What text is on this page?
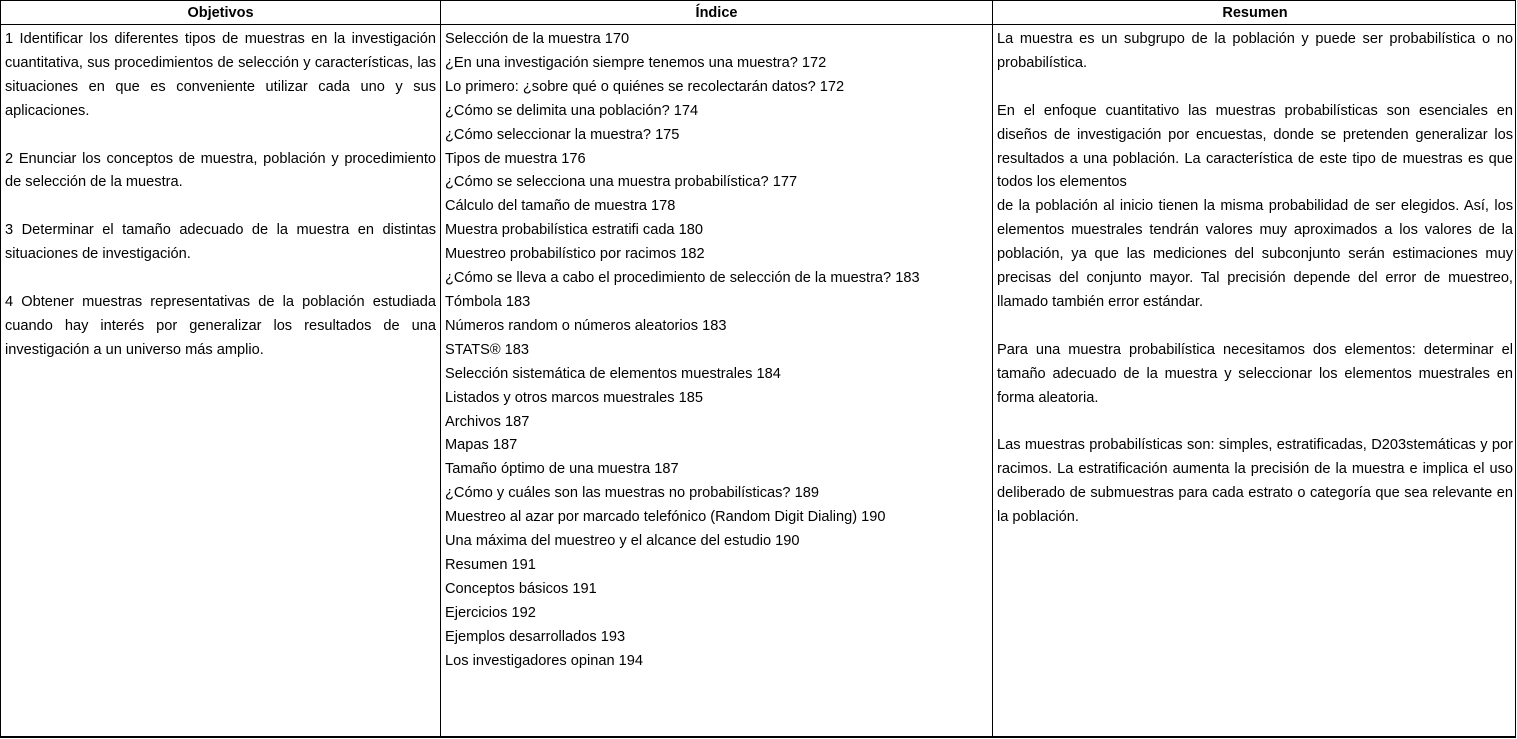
Objetivos	Índice	Resumen

1 Identificar los diferentes tipos de muestras en la investigación cuantitativa, sus procedimientos de selección y características, las situaciones en que es conveniente utilizar cada uno y sus aplicaciones.

2 Enunciar los conceptos de muestra, población y procedimiento de selección de la muestra.

3 Determinar el tamaño adecuado de la muestra en distintas situaciones de investigación.

4 Obtener muestras representativas de la población estudiada cuando hay interés por generalizar los resultados de una investigación a un universo más amplio.

Selección de la muestra 170
¿En una investigación siempre tenemos una muestra? 172
Lo primero: ¿sobre qué o quiénes se recolectarán datos? 172
¿Cómo se delimita una población? 174
¿Cómo seleccionar la muestra? 175
Tipos de muestra 176
¿Cómo se selecciona una muestra probabilística? 177
Cálculo del tamaño de muestra 178
Muestra probabilística estratifi cada 180
Muestreo probabilístico por racimos 182
¿Cómo se lleva a cabo el procedimiento de selección de la muestra? 183
Tómbola 183
Números random o números aleatorios 183
STATS® 183
Selección sistemática de elementos muestrales 184
Listados y otros marcos muestrales 185
Archivos 187
Mapas 187
Tamaño óptimo de una muestra 187
¿Cómo y cuáles son las muestras no probabilísticas? 189
Muestreo al azar por marcado telefónico (Random Digit Dialing) 190
Una máxima del muestreo y el alcance del estudio 190
Resumen 191
Conceptos básicos 191
Ejercicios 192
Ejemplos desarrollados 193
Los investigadores opinan 194

La muestra es un subgrupo de la población y puede ser probabilística o no probabilística.

En el enfoque cuantitativo las muestras probabilísticas son esenciales en diseños de investigación por encuestas, donde se pretenden generalizar los resultados a una población. La característica de este tipo de muestras es que todos los elementos

de la población al inicio tienen la misma probabilidad de ser elegidos. Así, los elementos muestrales tendrán valores muy aproximados a los valores de la población, ya que las mediciones del subconjunto serán estimaciones muy precisas del conjunto mayor. Tal precisión depende del error de muestreo, llamado también error estándar.

Para una muestra probabilística necesitamos dos elementos: determinar el tamaño adecuado de la muestra y seleccionar los elementos muestrales en forma aleatoria.

Las muestras probabilísticas son: simples, estratificadas, D203stemáticas y por racimos. La estratificación aumenta la precisión de la muestra e implica el uso deliberado de submuestras para cada estrato o categoría que sea relevante en la población.
